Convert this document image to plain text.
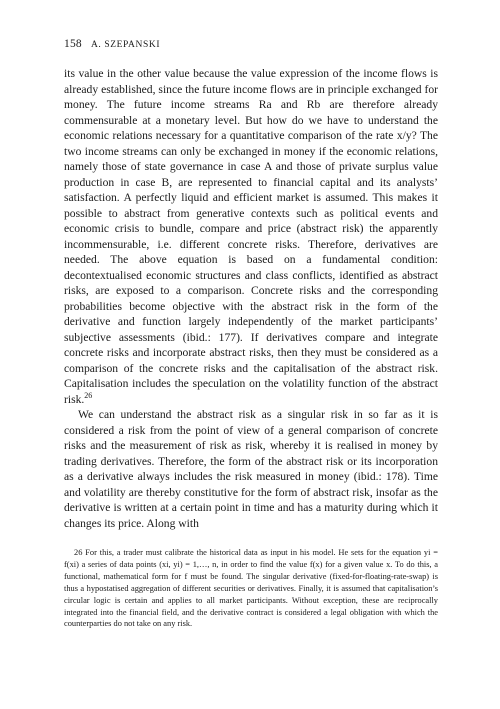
158 A. SZEPANSKI

its value in the other value because the value expression of the income flows is already established, since the future income flows are in principle exchanged for money. The future income streams Ra and Rb are therefore already commensurable at a monetary level. But how do we have to understand the economic relations necessary for a quantitative comparison of the rate x/y? The two income streams can only be exchanged in money if the economic relations, namely those of state governance in case A and those of private surplus value production in case B, are represented to financial capital and its analysts’ satisfaction. A perfectly liquid and efficient market is assumed. This makes it possible to abstract from generative contexts such as political events and economic crisis to bundle, compare and price (abstract risk) the apparently incommensurable, i.e. different concrete risks. Therefore, derivatives are needed. The above equation is based on a fundamental condition: decontextualised economic structures and class conflicts, identified as abstract risks, are exposed to a comparison. Concrete risks and the corresponding probabilities become objective with the abstract risk in the form of the derivative and function largely independently of the market participants’ subjective assessments (ibid.: 177). If derivatives compare and integrate concrete risks and incorporate abstract risks, then they must be considered as a comparison of the concrete risks and the capitalisation of the abstract risk. Capitalisation includes the speculation on the volatility function of the abstract risk.$^{26}$

We can understand the abstract risk as a singular risk in so far as it is considered a risk from the point of view of a general comparison of concrete risks and the measurement of risk as risk, whereby it is realised in money by trading derivatives. Therefore, the form of the abstract risk or its incorporation as a derivative always includes the risk measured in money (ibid.: 178). Time and volatility are thereby constitutive for the form of abstract risk, insofar as the derivative is written at a certain point in time and has a maturity during which it changes its price. Along with

26 For this, a trader must calibrate the historical data as input in his model. He sets for the equation yi = f(xi) a series of data points (xi, yi) = 1,…, n, in order to find the value f(x) for a given value x. To do this, a functional, mathematical form for f must be found. The singular derivative (fixed-for-floating-rate-swap) is thus a hypostatised aggregation of different securities or derivatives. Finally, it is assumed that capitalisation’s circular logic is certain and applies to all market participants. Without exception, these are reciprocally integrated into the financial field, and the derivative contract is considered a legal obligation with which the counterparties do not take on any risk.
